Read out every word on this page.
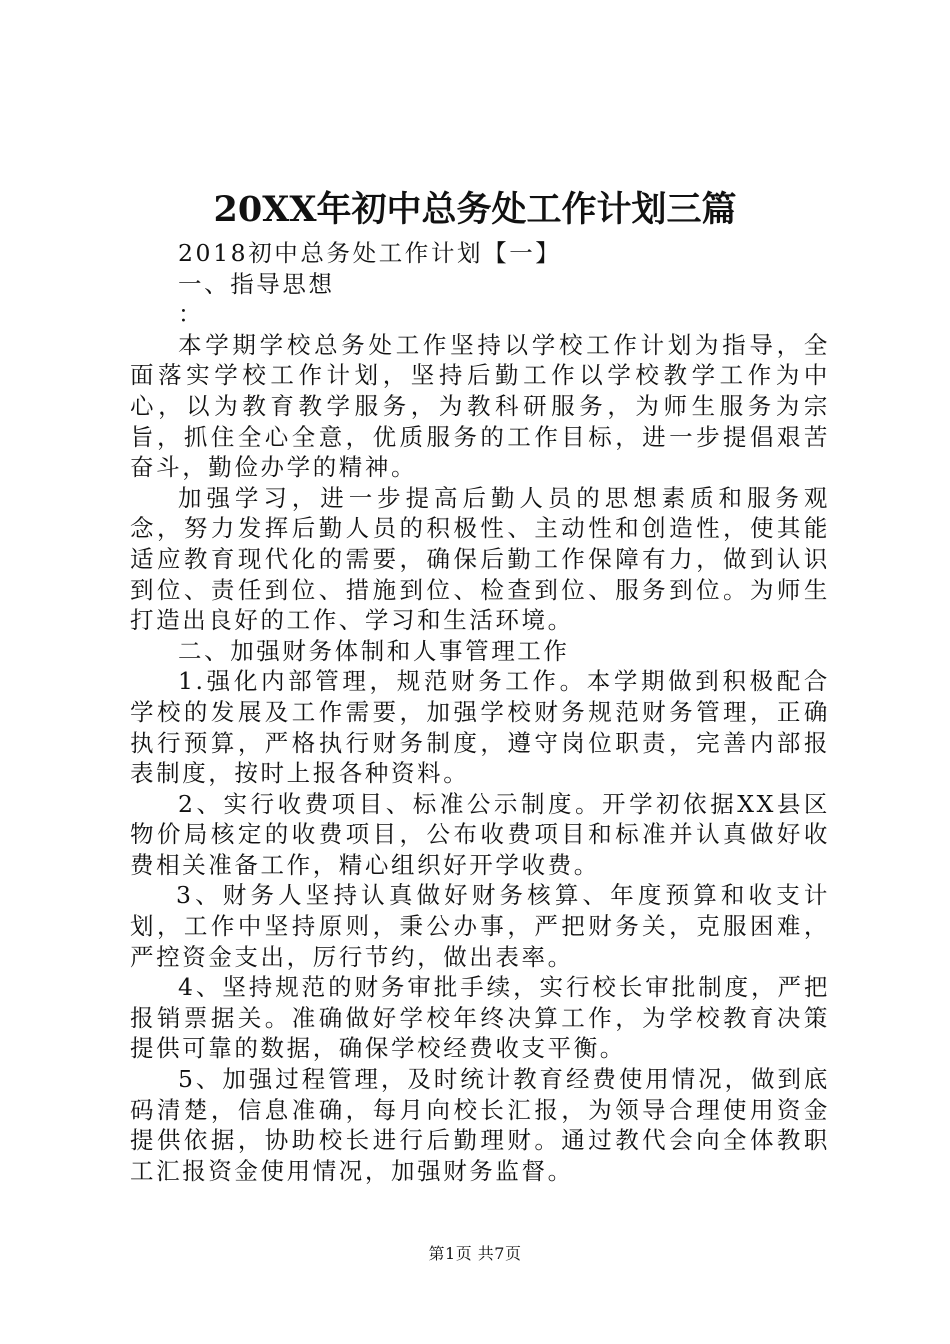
20XX年初中总务处工作计划三篇

2018初中总务处工作计划【一】

一、指导思想

：

本学期学校总务处工作坚持以学校工作计划为指导，全面落实学校工作计划，坚持后勤工作以学校教学工作为中心，以为教育教学服务，为教科研服务，为师生服务为宗旨，抓住全心全意，优质服务的工作目标，进一步提倡艰苦奋斗，勤俭办学的精神。

加强学习，进一步提高后勤人员的思想素质和服务观念，努力发挥后勤人员的积极性、主动性和创造性，使其能适应教育现代化的需要，确保后勤工作保障有力，做到认识到位、责任到位、措施到位、检查到位、服务到位。为师生打造出良好的工作、学习和生活环境。

二、加强财务体制和人事管理工作

1.强化内部管理，规范财务工作。本学期做到积极配合学校的发展及工作需要，加强学校财务规范财务管理，正确执行预算，严格执行财务制度，遵守岗位职责，完善内部报表制度，按时上报各种资料。

2、实行收费项目、标准公示制度。开学初依据XX县区物价局核定的收费项目，公布收费项目和标准并认真做好收费相关准备工作，精心组织好开学收费。

3、财务人坚持认真做好财务核算、年度预算和收支计划，工作中坚持原则，秉公办事，严把财务关，克服困难，严控资金支出，厉行节约，做出表率。

4、坚持规范的财务审批手续，实行校长审批制度，严把报销票据关。准确做好学校年终决算工作，为学校教育决策提供可靠的数据，确保学校经费收支平衡。

5、加强过程管理，及时统计教育经费使用情况，做到底码清楚，信息准确，每月向校长汇报，为领导合理使用资金提供依据，协助校长进行后勤理财。通过教代会向全体教职工汇报资金使用情况，加强财务监督。

第1页 共7页
